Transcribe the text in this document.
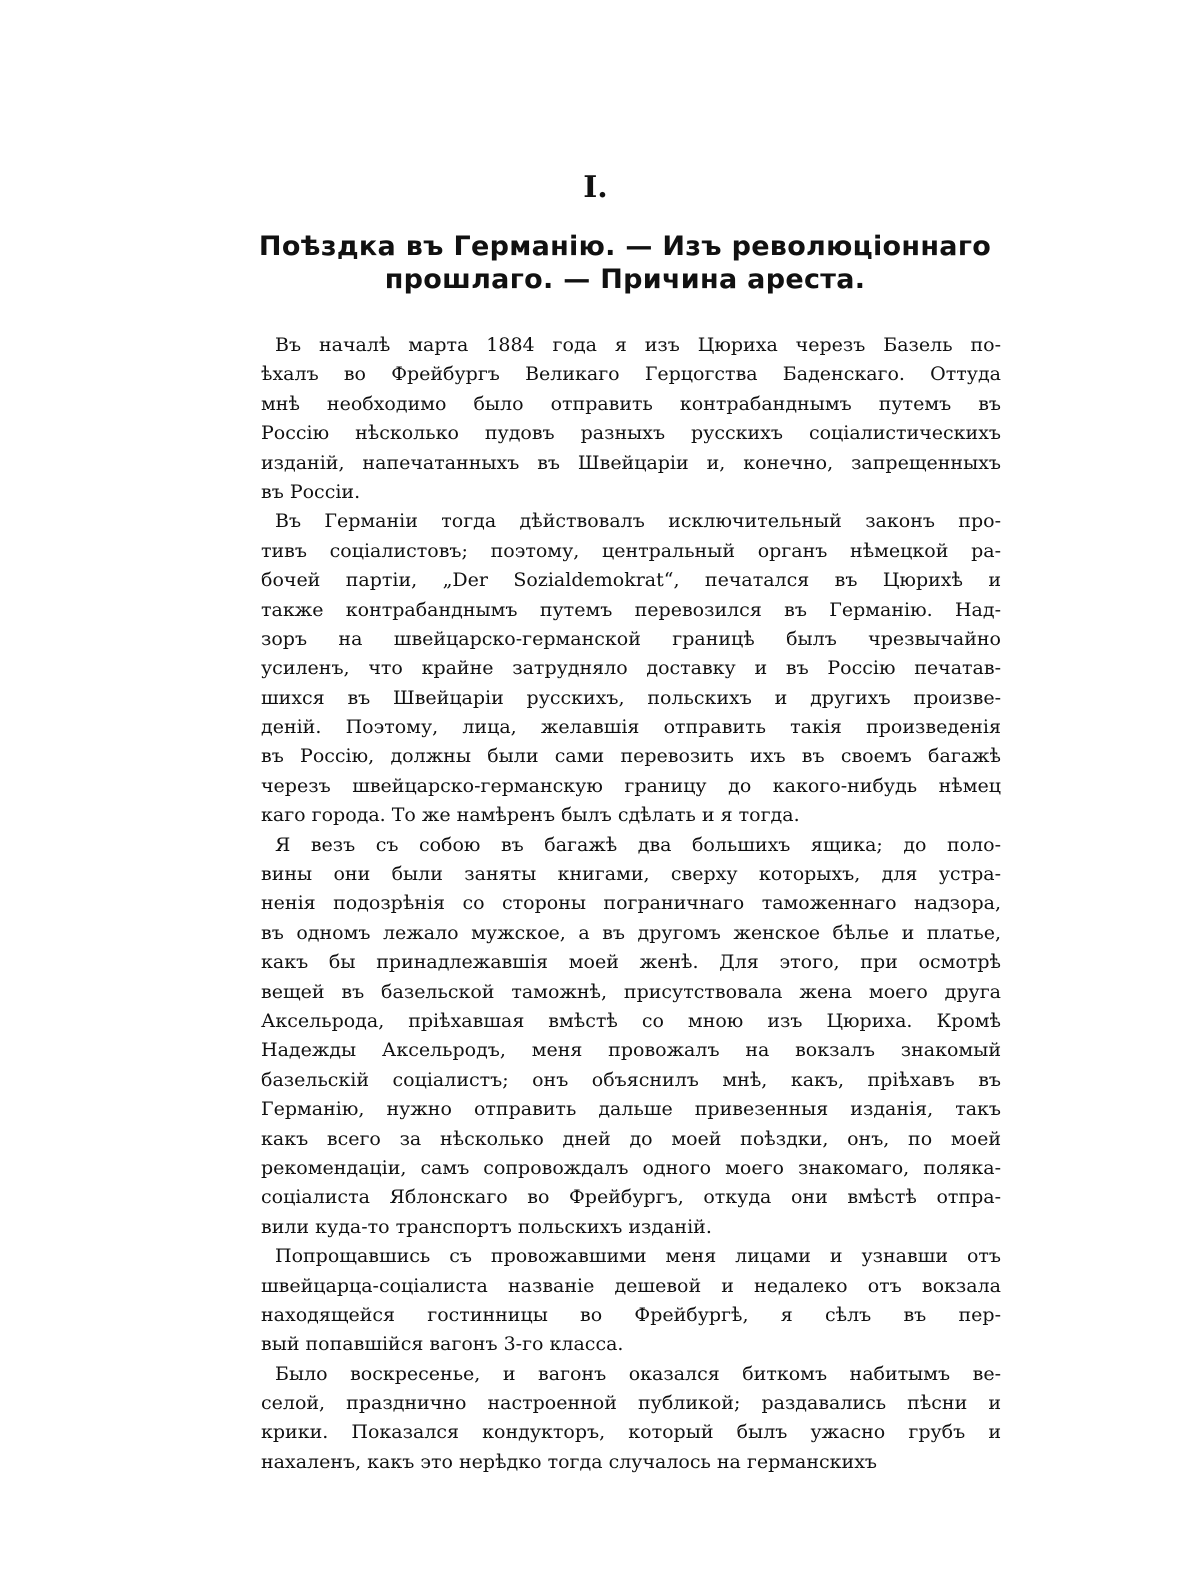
I.
Поѣздка въ Германію. — Изъ революціоннаго
прошлаго. — Причина ареста.
Въ началѣ марта 1884 года я изъ Цюриха черезъ Базель по-
ѣхалъ во Фрейбургъ Великаго Герцогства Баденскаго. Оттуда
мнѣ необходимо было отправить контрабанднымъ путемъ въ
Россію нѣсколько пудовъ разныхъ русскихъ соціалистическихъ
изданій, напечатанныхъ въ Швейцаріи и, конечно, запрещенныхъ
въ Россіи.
Въ Германіи тогда дѣйствовалъ исключительный законъ про-
тивъ соціалистовъ; поэтому, центральный органъ нѣмецкой ра-
бочей партіи, „Der Sozialdemokrat“, печатался въ Цюрихѣ и
также контрабанднымъ путемъ перевозился въ Германію. Над-
зоръ на швейцарско-германской границѣ былъ чрезвычайно
усиленъ, что крайне затрудняло доставку и въ Россію печатав-
шихся въ Швейцаріи русскихъ, польскихъ и другихъ произве-
деній. Поэтому, лица, желавшія отправить такія произведенія
въ Россію, должны были сами перевозить ихъ въ своемъ багажѣ
черезъ швейцарско-германскую границу до какого-нибудь нѣмец
каго города. То же намѣренъ былъ сдѣлать и я тогда.
Я везъ съ собою въ багажѣ два большихъ ящика; до поло-
вины они были заняты книгами, сверху которыхъ, для устра-
ненія подозрѣнія со стороны пограничнаго таможеннаго надзора,
въ одномъ лежало мужское, а въ другомъ женское бѣлье и платье,
какъ бы принадлежавшія моей женѣ. Для этого, при осмотрѣ
вещей въ базельской таможнѣ, присутствовала жена моего друга
Аксельрода, пріѣхавшая вмѣстѣ со мною изъ Цюриха. Кромѣ
Надежды Аксельродъ, меня провожалъ на вокзалъ знакомый
базельскій соціалистъ; онъ объяснилъ мнѣ, какъ, пріѣхавъ въ
Германію, нужно отправить дальше привезенныя изданія, такъ
какъ всего за нѣсколько дней до моей поѣздки, онъ, по моей
рекомендаціи, самъ сопровождалъ одного моего знакомаго, поляка-
соціалиста Яблонскаго во Фрейбургъ, откуда они вмѣстѣ отпра-
вили куда-то транспортъ польскихъ изданій.
Попрощавшись съ провожавшими меня лицами и узнавши отъ
швейцарца-соціалиста названіе дешевой и недалеко отъ вокзала
находящейся гостинницы во Фрейбургѣ, я сѣлъ въ пер-
вый попавшійся вагонъ 3-го класса.
Было воскресенье, и вагонъ оказался биткомъ набитымъ ве-
селой, празднично настроенной публикой; раздавались пѣсни и
крики. Показался кондукторъ, который былъ ужасно грубъ и
нахаленъ, какъ это нерѣдко тогда случалось на германскихъ
